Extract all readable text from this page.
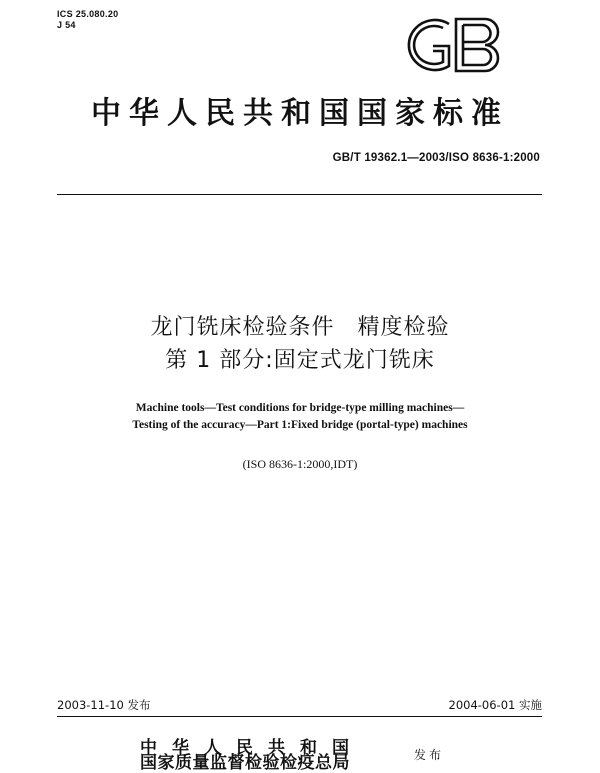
ICS 25.080.20
J 54
GB
中华人民共和国国家标准
GB/T 19362.1—2003/ISO 8636-1:2000
龙门铣床检验条件　精度检验
第 1 部分:固定式龙门铣床
Machine tools—Test conditions for bridge-type milling machines—
Testing of the accuracy—Part 1:Fixed bridge (portal-type) machines
(ISO 8636-1:2000,IDT)
2003-11-10 发布	2004-06-01 实施
中华人民共和国
国家质量监督检验检疫总局	发布
